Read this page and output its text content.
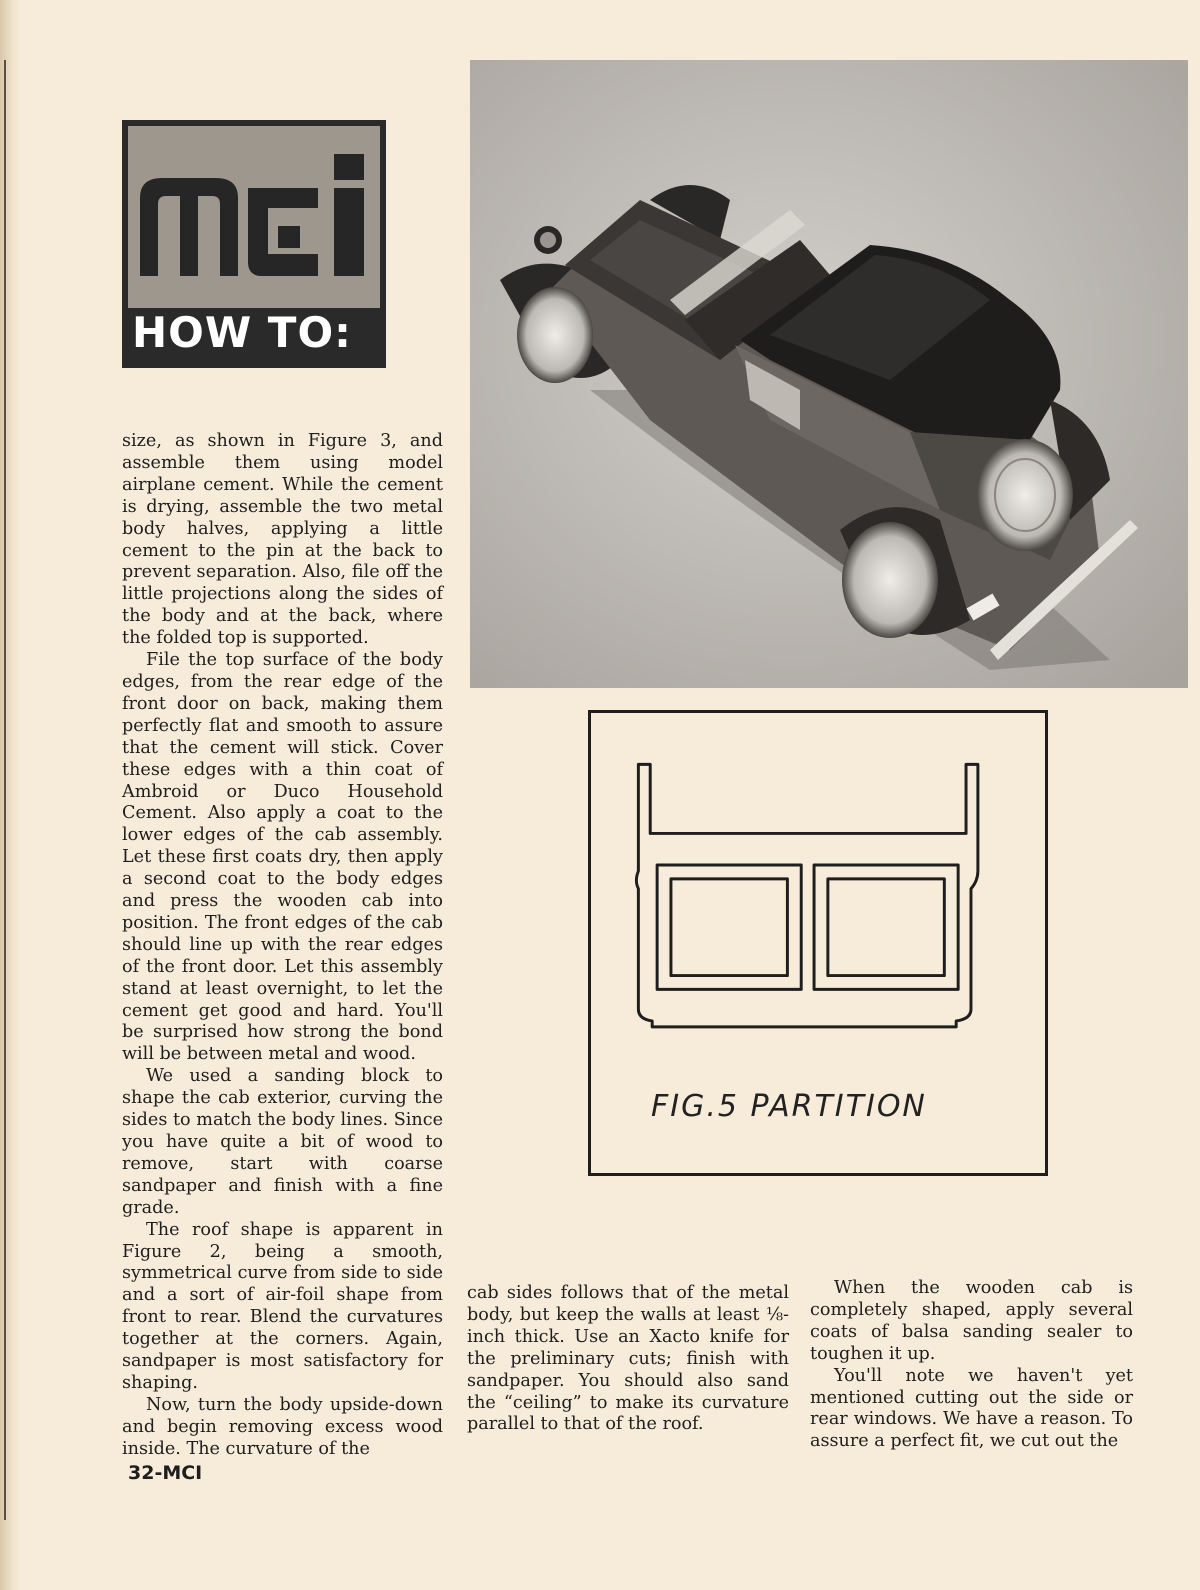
HOW TO:
FIG.5 PARTITION

size, as shown in Figure 3, and assemble them using model airplane cement. While the cement is drying, assemble the two metal body halves, applying a little cement to the pin at the back to prevent separation. Also, file off the little projections along the sides of the body and at the back, where the folded top is supported.

File the top surface of the body edges, from the rear edge of the front door on back, making them perfectly flat and smooth to assure that the cement will stick. Cover these edges with a thin coat of Ambroid or Duco Household Cement. Also apply a coat to the lower edges of the cab assembly. Let these first coats dry, then apply a second coat to the body edges and press the wooden cab into position. The front edges of the cab should line up with the rear edges of the front door. Let this assembly stand at least overnight, to let the cement get good and hard. You'll be surprised how strong the bond will be between metal and wood.

We used a sanding block to shape the cab exterior, curving the sides to match the body lines. Since you have quite a bit of wood to remove, start with coarse sandpaper and finish with a fine grade.

The roof shape is apparent in Figure 2, being a smooth, symmetrical curve from side to side and a sort of air-foil shape from front to rear. Blend the curvatures together at the corners. Again, sandpaper is most satisfactory for shaping.

Now, turn the body upside-down and begin removing excess wood inside. The curvature of the

cab sides follows that of the metal body, but keep the walls at least ⅛-inch thick. Use an Xacto knife for the preliminary cuts; finish with sandpaper. You should also sand the “ceiling” to make its curvature parallel to that of the roof.

When the wooden cab is completely shaped, apply several coats of balsa sanding sealer to toughen it up.

You'll note we haven't yet mentioned cutting out the side or rear windows. We have a reason. To assure a perfect fit, we cut out the

32-MCI
